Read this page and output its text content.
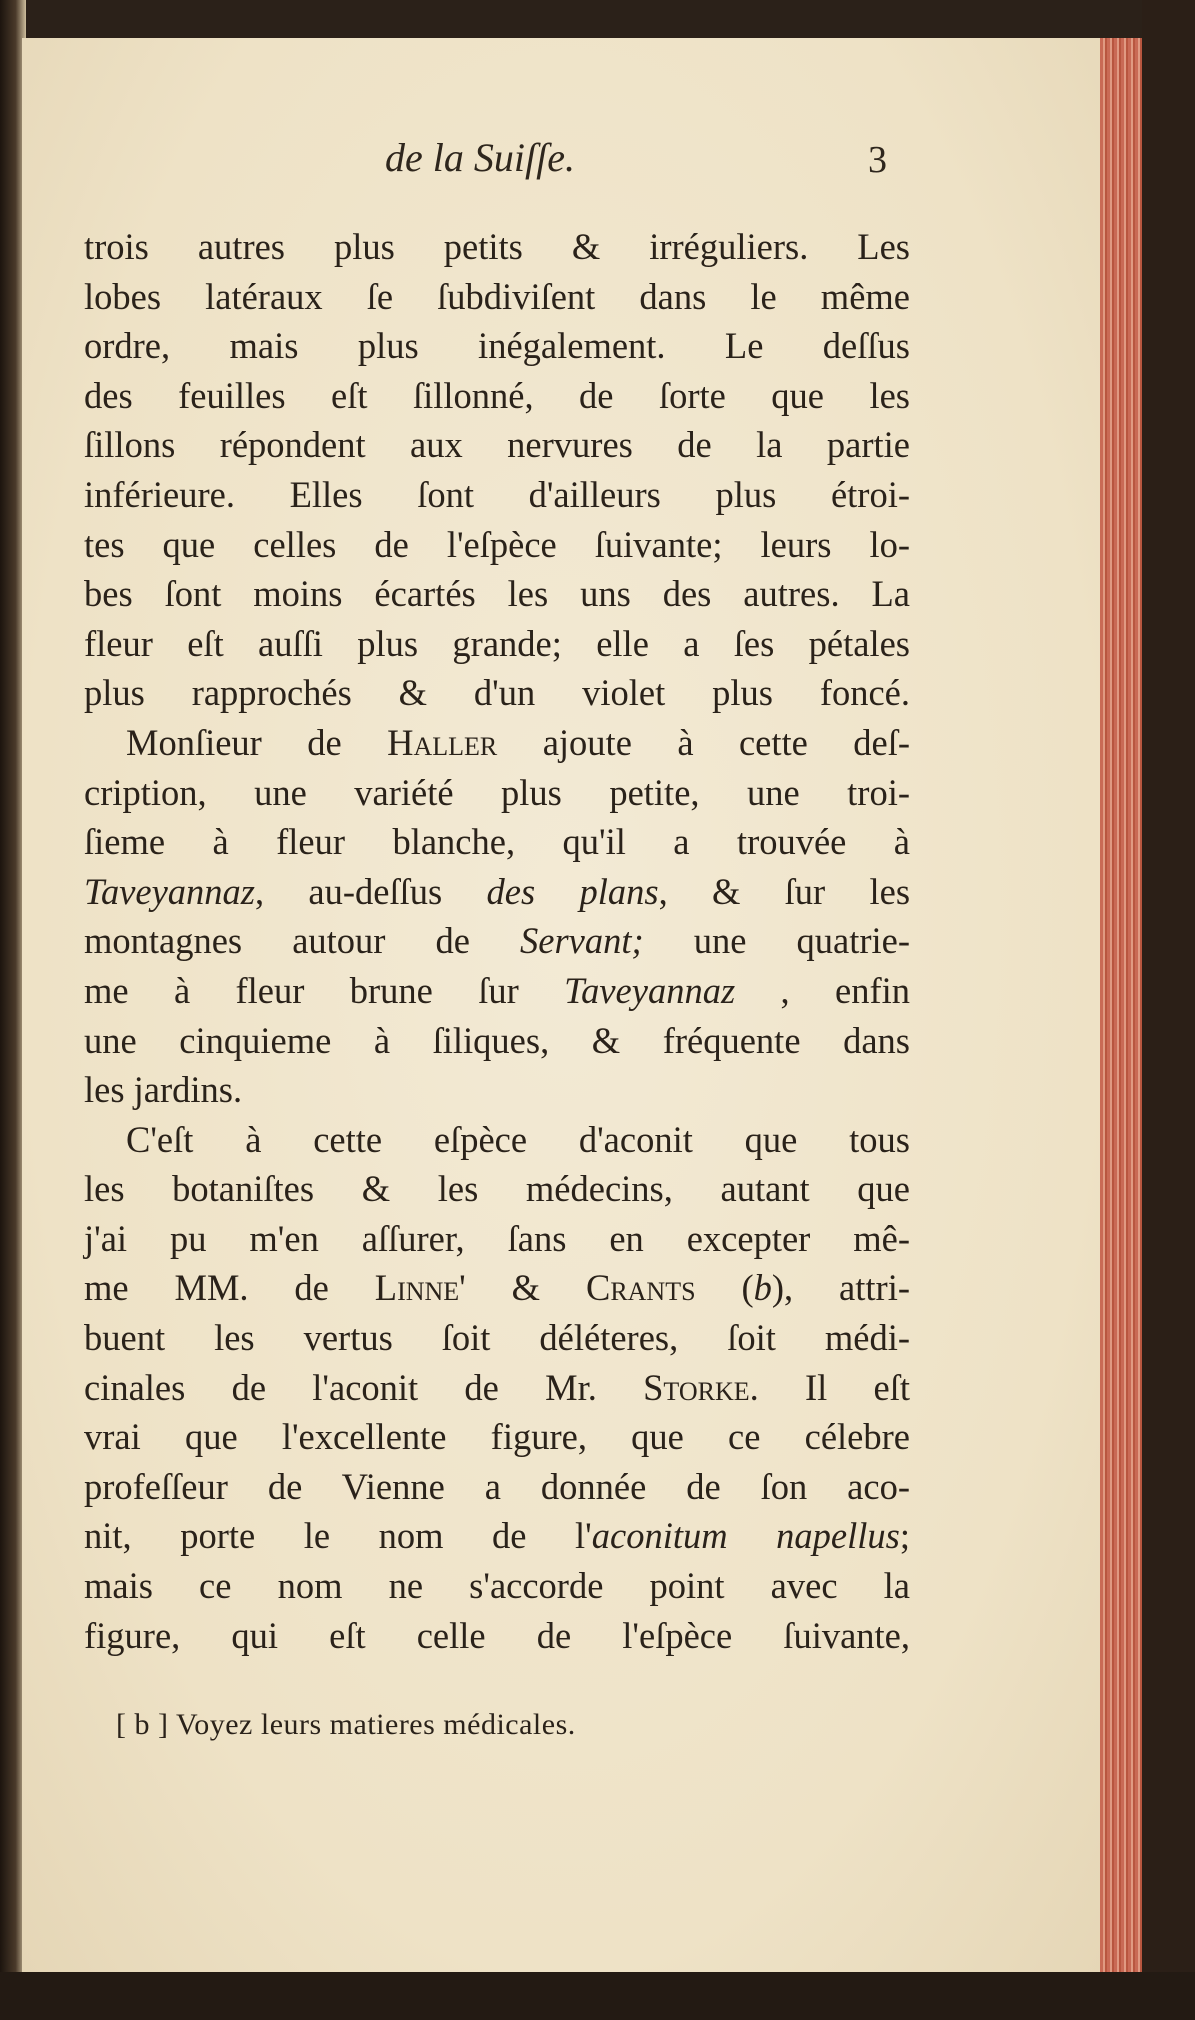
de la Suiſſe.	3
trois autres plus petits & irréguliers. Les
lobes latéraux ſe ſubdiviſent dans le même
ordre, mais plus inégalement. Le deſſus
des feuilles eſt ſillonné, de ſorte que les
ſillons répondent aux nervures de la partie
inférieure. Elles ſont d'ailleurs plus étroi-
tes que celles de l'eſpèce ſuivante; leurs lo-
bes ſont moins écartés les uns des autres. La
fleur eſt auſſi plus grande; elle a ſes pétales
plus rapprochés & d'un violet plus foncé.
Monſieur de Haller ajoute à cette deſ-
cription, une variété plus petite, une troi-
ſieme à fleur blanche, qu'il a trouvée à
Taveyannaz, au-deſſus des plans, & ſur les
montagnes autour de Servant; une quatrie-
me à fleur brune ſur Taveyannaz , enfin
une cinquieme à ſiliques, & fréquente dans
les jardins.
C'eſt à cette eſpèce d'aconit que tous
les botaniſtes & les médecins, autant que
j'ai pu m'en aſſurer, ſans en excepter mê-
me MM. de Linne' & Crants (b), attri-
buent les vertus ſoit déléteres, ſoit médi-
cinales de l'aconit de Mr. Storke. Il eſt
vrai que l'excellente figure, que ce célebre
profeſſeur de Vienne a donnée de ſon aco-
nit, porte le nom de l'aconitum napellus;
mais ce nom ne s'accorde point avec la
figure, qui eſt celle de l'eſpèce ſuivante,
[ b ] Voyez leurs matieres médicales.
